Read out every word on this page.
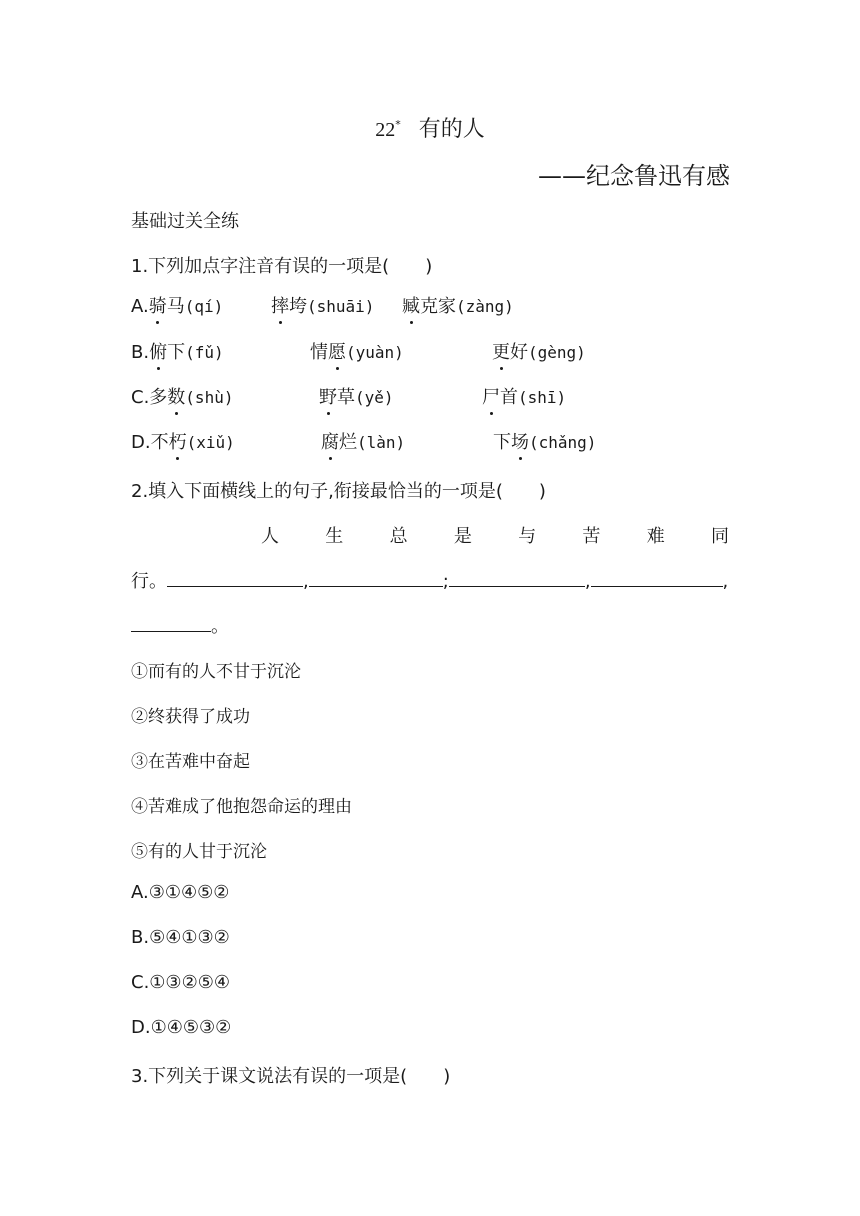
22* 有的人
——纪念鲁迅有感
基础过关全练
1.下列加点字注音有误的一项是(　　)
A.骑马(qí)	摔垮(shuāi) 臧克家(zàng)
B.俯下(fǔ)	情愿(yuàn)	更好(gèng)
C.多数(shù)	野草(yě)	尸首(shī)
D.不朽(xiǔ)	腐烂(làn)	下场(chǎng)
2.填入下面横线上的句子,衔接最恰当的一项是(　　)
人	生	总	是	与	苦	难	同
行。	,	;	,	,
。
①而有的人不甘于沉沦
②终获得了成功
③在苦难中奋起
④苦难成了他抱怨命运的理由
⑤有的人甘于沉沦
A.③①④⑤②
B.⑤④①③②
C.①③②⑤④
D.①④⑤③②
3.下列关于课文说法有误的一项是(　　)
